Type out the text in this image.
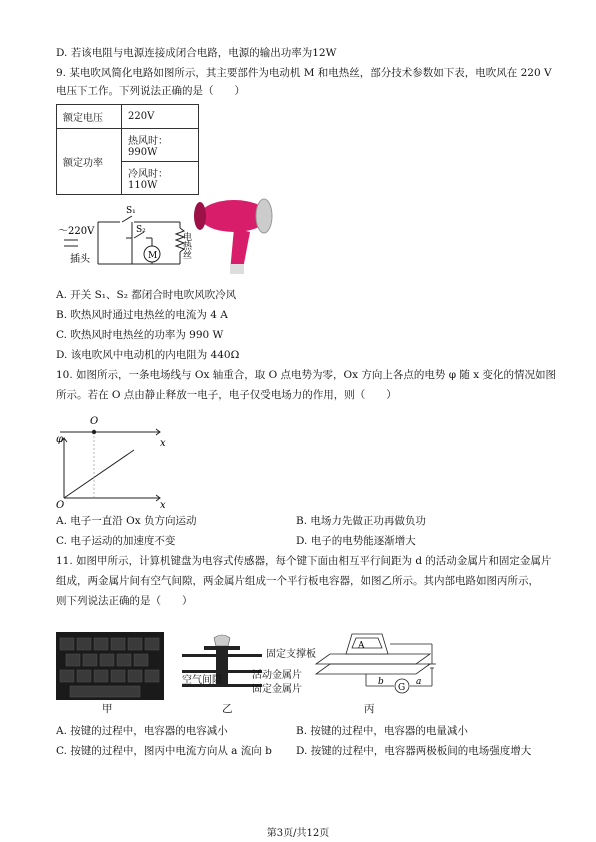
D. 若该电阻与电源连接成闭合电路，电源的输出功率为12W
9. 某电吹风简化电路如图所示，其主要部件为电动机 M 和电热丝，部分技术参数如下表，电吹风在 220 V
电压下工作。下列说法正确的是（　　）
额定电压	220V
额定功率	热风时：990W
	冷风时：110W
M
～220V
插头
S₁
S₂
电热丝
A. 开关 S₁、S₂ 都闭合时电吹风吹冷风
B. 吹热风时通过电热丝的电流为 4 A
C. 吹热风时电热丝的功率为 990 W
D. 该电吹风中电动机的内电阻为 440Ω
10. 如图所示，一条电场线与 Ox 轴重合，取 O 点电势为零，Ox 方向上各点的电势 φ 随 x 变化的情况如图
所示。若在 O 点由静止释放一电子，电子仅受电场力的作用，则（　　）
O
x
φ
O	x
A. 电子一直沿 Ox 负方向运动	B. 电场力先做正功再做负功
C. 电子运动的加速度不变	D. 电子的电势能逐渐增大
11. 如图甲所示，计算机键盘为电容式传感器，每个键下面由相互平行间距为 d 的活动金属片和固定金属片
组成，两金属片间有空气间隙，两金属片组成一个平行板电容器，如图乙所示。其内部电路如图丙所示，
则下列说法正确的是（　　）
甲
固定支撑板
空气间隙	活动金属片
固定金属片
乙
G
A
b	a
丙
A. 按键的过程中，电容器的电容减小	B. 按键的过程中，电容器的电量减小
C. 按键的过程中，图丙中电流方向从 a 流向 b D. 按键的过程中，电容器两极板间的电场强度增大
第3页/共12页
